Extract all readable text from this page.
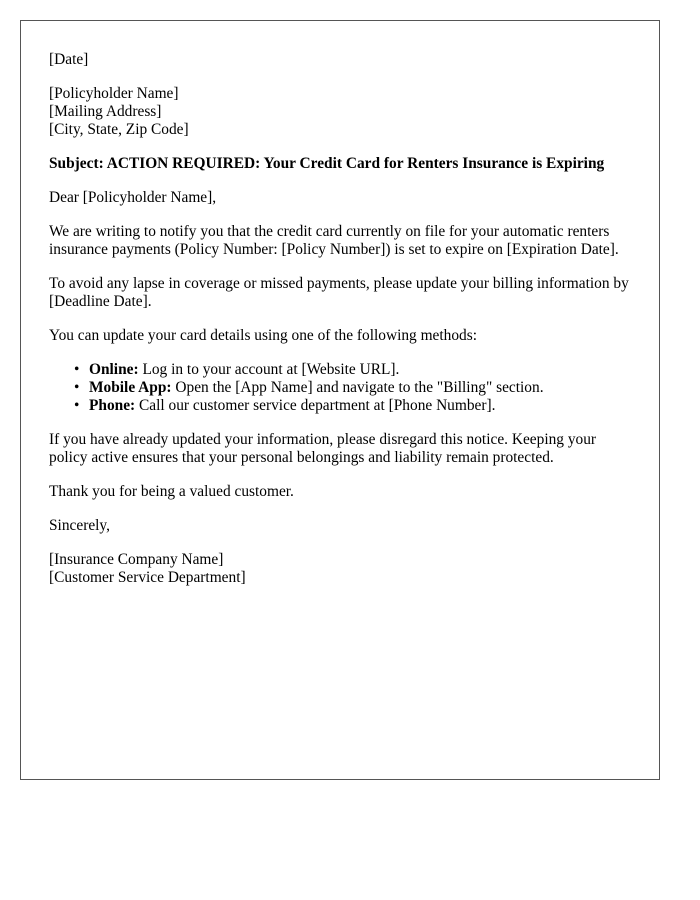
[Date]
[Policyholder Name]
[Mailing Address]
[City, State, Zip Code]
Subject: ACTION REQUIRED: Your Credit Card for Renters Insurance is Expiring
Dear [Policyholder Name],
We are writing to notify you that the credit card currently on file for your automatic renters insurance payments (Policy Number: [Policy Number]) is set to expire on [Expiration Date].
To avoid any lapse in coverage or missed payments, please update your billing information by [Deadline Date].
You can update your card details using one of the following methods:
• Online: Log in to your account at [Website URL].
• Mobile App: Open the [App Name] and navigate to the "Billing" section.
• Phone: Call our customer service department at [Phone Number].
If you have already updated your information, please disregard this notice. Keeping your policy active ensures that your personal belongings and liability remain protected.
Thank you for being a valued customer.
Sincerely,
[Insurance Company Name]
[Customer Service Department]
